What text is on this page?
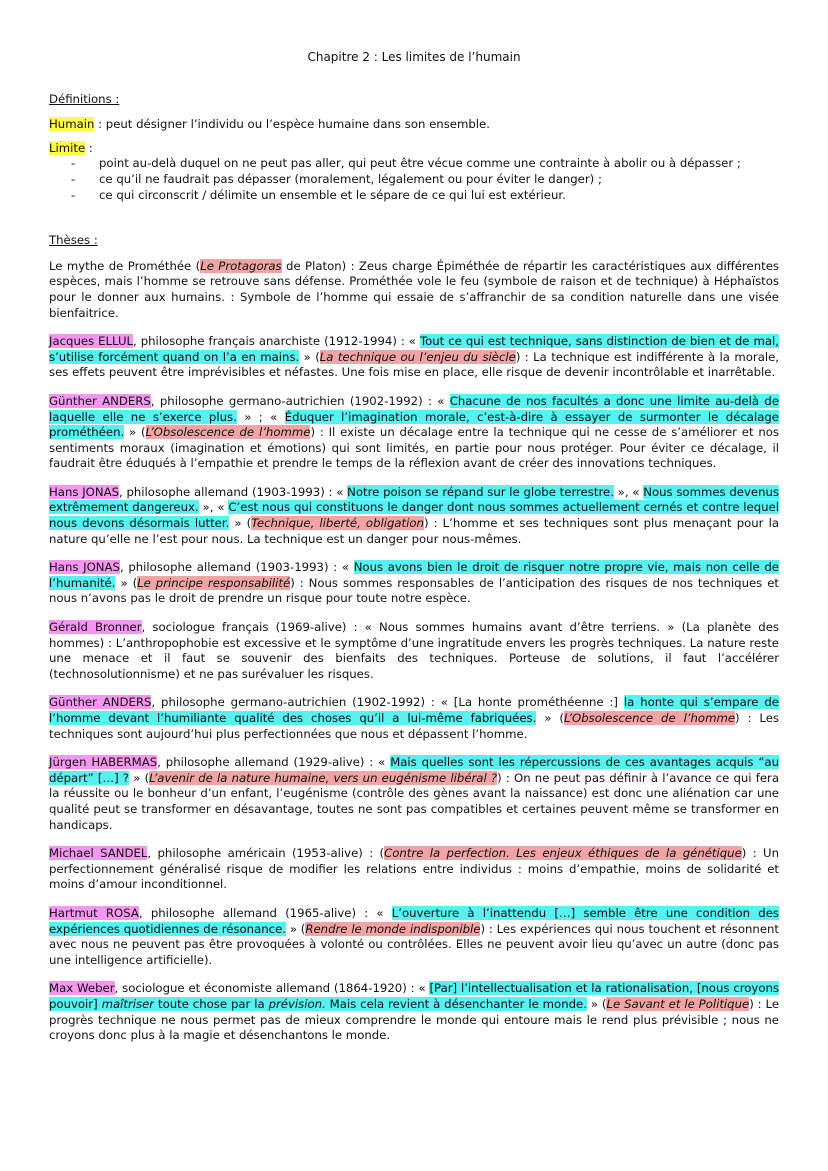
Chapitre 2 : Les limites de l’humain
Définitions :

Humain : peut désigner l’individu ou l’espèce humaine dans son ensemble.

Limite :
- point au-delà duquel on ne peut pas aller, qui peut être vécue comme une contrainte à abolir ou à dépasser ;
- ce qu’il ne faudrait pas dépasser (moralement, légalement ou pour éviter le danger) ;
- ce qui circonscrit / délimite un ensemble et le sépare de ce qui lui est extérieur.
Thèses :

Le mythe de Prométhée (Le Protagoras de Platon) : Zeus charge Épiméthée de répartir les caractéristiques aux différentes espèces, mais l’homme se retrouve sans défense. Prométhée vole le feu (symbole de raison et de technique) à Héphaïstos pour le donner aux humains. : Symbole de l’homme qui essaie de s’affranchir de sa condition naturelle dans une visée bienfaitrice.

Jacques ELLUL, philosophe français anarchiste (1912-1994) : « Tout ce qui est technique, sans distinction de bien et de mal, s’utilise forcément quand on l’a en mains. » (La technique ou l’enjeu du siècle) : La technique est indifférente à la morale, ses effets peuvent être imprévisibles et néfastes. Une fois mise en place, elle risque de devenir incontrôlable et inarrêtable.

Günther ANDERS, philosophe germano-autrichien (1902-1992) : « Chacune de nos facultés a donc une limite au-delà de laquelle elle ne s’exerce plus. » ; « Éduquer l’imagination morale, c’est-à-dire à essayer de surmonter le décalage prométhéen. » (L’Obsolescence de l’homme) : Il existe un décalage entre la technique qui ne cesse de s’améliorer et nos sentiments moraux (imagination et émotions) qui sont limités, en partie pour nous protéger. Pour éviter ce décalage, il faudrait être éduqués à l’empathie et prendre le temps de la réflexion avant de créer des innovations techniques.

Hans JONAS, philosophe allemand (1903-1993) : « Notre poison se répand sur le globe terrestre. », « Nous sommes devenus extrêmement dangereux. », « C’est nous qui constituons le danger dont nous sommes actuellement cernés et contre lequel nous devons désormais lutter. » (Technique, liberté, obligation) : L’homme et ses techniques sont plus menaçant pour la nature qu’elle ne l’est pour nous. La technique est un danger pour nous-mêmes.

Hans JONAS, philosophe allemand (1903-1993) : « Nous avons bien le droit de risquer notre propre vie, mais non celle de l’humanité. » (Le principe responsabilité) : Nous sommes responsables de l’anticipation des risques de nos techniques et nous n’avons pas le droit de prendre un risque pour toute notre espèce.

Gérald Bronner, sociologue français (1969-alive) : « Nous sommes humains avant d’être terriens. » (La planète des hommes) : L’anthropophobie est excessive et le symptôme d’une ingratitude envers les progrès techniques. La nature reste une menace et il faut se souvenir des bienfaits des techniques. Porteuse de solutions, il faut l’accélérer (technosolutionnisme) et ne pas surévaluer les risques.

Günther ANDERS, philosophe germano-autrichien (1902-1992) : « [La honte prométhéenne :] la honte qui s’empare de l’homme devant l’humiliante qualité des choses qu’il a lui-même fabriquées. » (L’Obsolescence de l’homme) : Les techniques sont aujourd’hui plus perfectionnées que nous et dépassent l’homme.

Jürgen HABERMAS, philosophe allemand (1929-alive) : « Mais quelles sont les répercussions de ces avantages acquis “au départ” […] ? » (L’avenir de la nature humaine, vers un eugénisme libéral ?) : On ne peut pas définir à l’avance ce qui fera la réussite ou le bonheur d’un enfant, l’eugénisme (contrôle des gènes avant la naissance) est donc une aliénation car une qualité peut se transformer en désavantage, toutes ne sont pas compatibles et certaines peuvent même se transformer en handicaps.

Michael SANDEL, philosophe américain (1953-alive) : (Contre la perfection. Les enjeux éthiques de la génétique) : Un perfectionnement généralisé risque de modifier les relations entre individus : moins d’empathie, moins de solidarité et moins d’amour inconditionnel.

Hartmut ROSA, philosophe allemand (1965-alive) : « L’ouverture à l’inattendu […] semble être une condition des expériences quotidiennes de résonance. » (Rendre le monde indisponible) : Les expériences qui nous touchent et résonnent avec nous ne peuvent pas être provoquées à volonté ou contrôlées. Elles ne peuvent avoir lieu qu’avec un autre (donc pas une intelligence artificielle).

Max Weber, sociologue et économiste allemand (1864-1920) : « [Par] l’intellectualisation et la rationalisation, [nous croyons pouvoir] maîtriser toute chose par la prévision. Mais cela revient à désenchanter le monde. » (Le Savant et le Politique) : Le progrès technique ne nous permet pas de mieux comprendre le monde qui entoure mais le rend plus prévisible ; nous ne croyons donc plus à la magie et désenchantons le monde.
